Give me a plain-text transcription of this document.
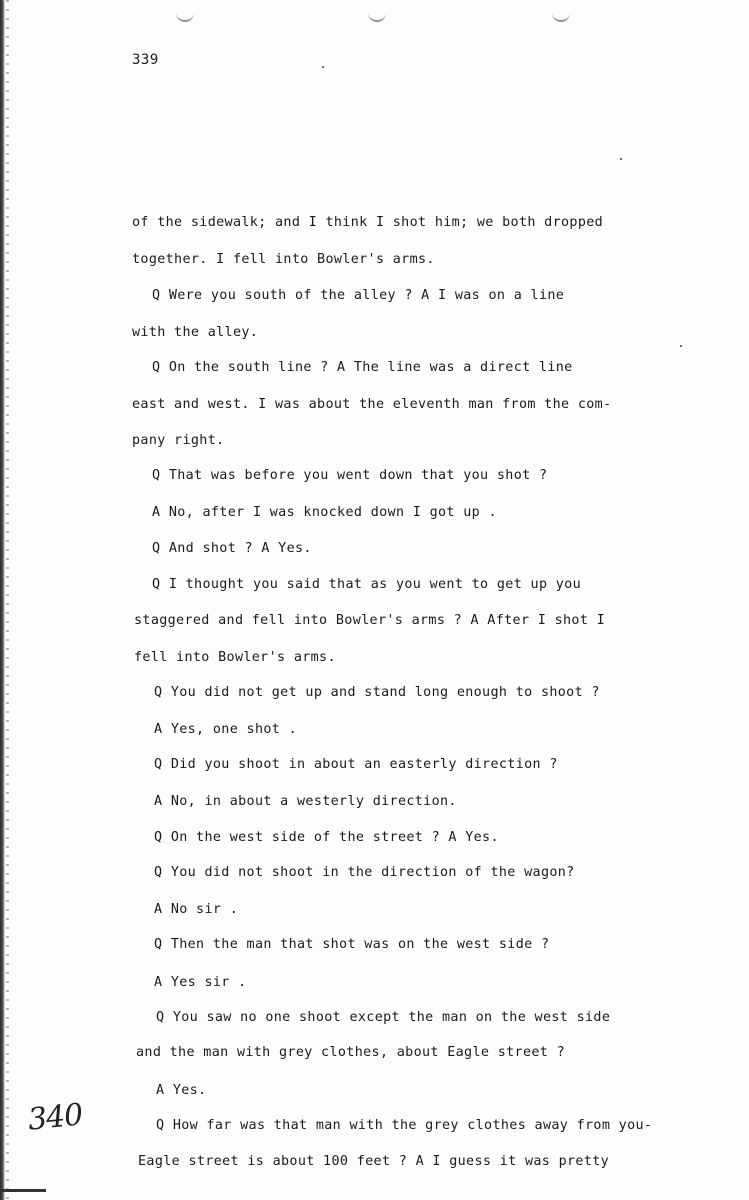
339
of the sidewalk; and I think I shot him; we both dropped
together. I fell into Bowler's arms.
Q Were you south of the alley ? A I was on a line
with the alley.
Q On the south line ? A The line was a direct line
east and west. I was about the eleventh man from the com-
pany right.
Q That was before you went down that you shot ?
A No, after I was knocked down I got up .
Q And shot ? A Yes.
Q I thought you said that as you went to get up you
staggered and fell into Bowler's arms ? A After I shot I
fell into Bowler's arms.
Q You did not get up and stand long enough to shoot ?
A Yes, one shot .
Q Did you shoot in about an easterly direction ?
A No, in about a westerly direction.
Q On the west side of the street ? A Yes.
Q You did not shoot in the direction of the wagon?
A No sir .
Q Then the man that shot was on the west side ?
A Yes sir .
Q You saw no one shoot except the man on the west side
and the man with grey clothes, about Eagle street ?
A Yes.
Q How far was that man with the grey clothes away from you-
Eagle street is about 100 feet ? A I guess it was pretty
340
